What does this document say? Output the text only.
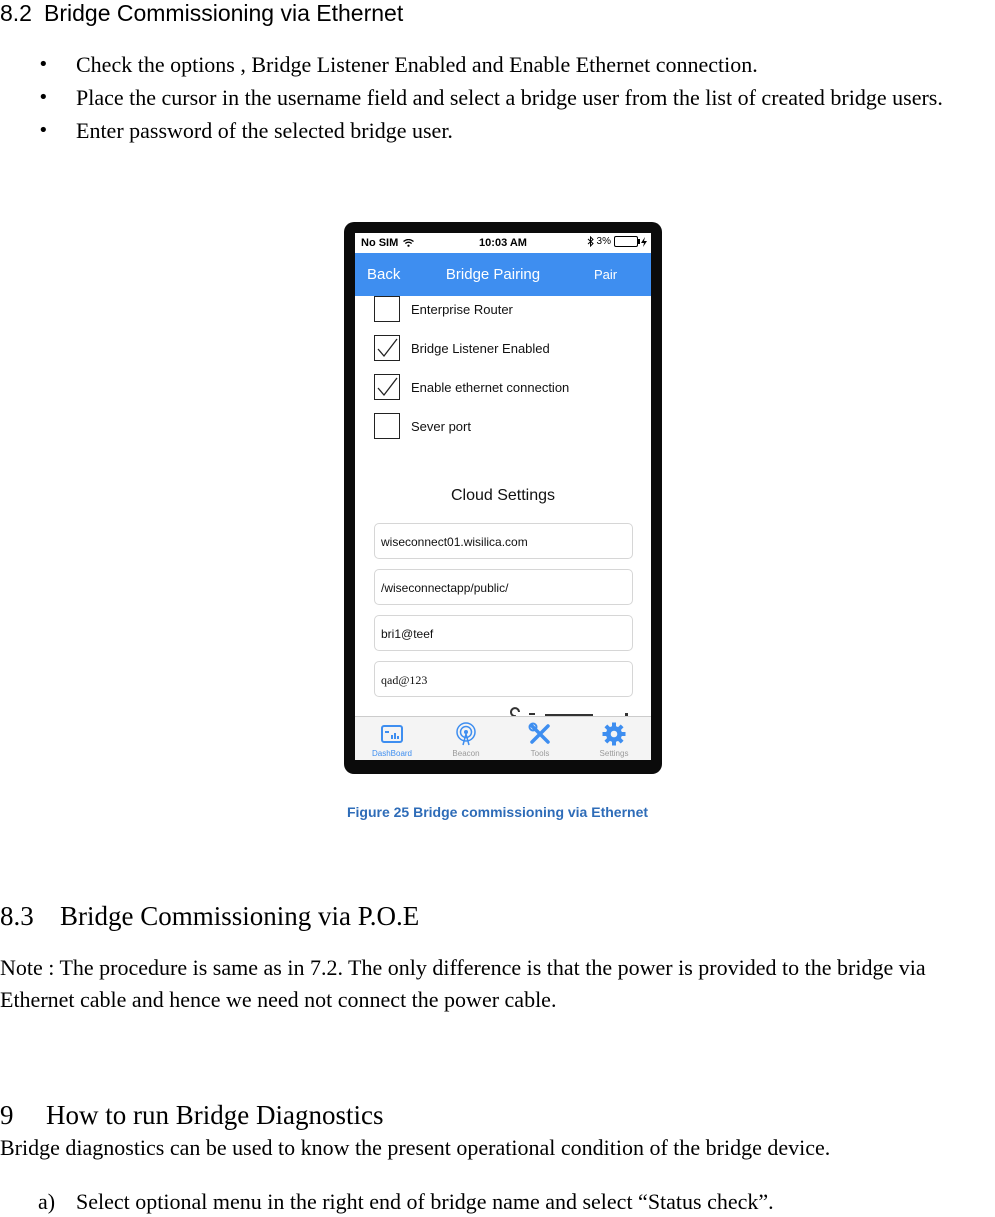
8.2 Bridge Commissioning via Ethernet
• Check the options , Bridge Listener Enabled and Enable Ethernet connection.
• Place the cursor in the username field and select a bridge user from the list of created bridge users.
• Enter password of the selected bridge user.
No SIM	10:03 AM	3%
Back	Bridge Pairing	Pair
Enterprise Router
Bridge Listener Enabled
Enable ethernet connection
Sever port
Cloud Settings
wiseconnect01.wisilica.com
/wiseconnectapp/public/
bri1@teef
qad@123
DashBoard	Beacon	Tools	Settings
Figure 25 Bridge commissioning via Ethernet
8.3 Bridge Commissioning via P.O.E
Note : The procedure is same as in 7.2. The only difference is that the power is provided to the bridge via Ethernet cable and hence we need not connect the power cable.
9 How to run Bridge Diagnostics
Bridge diagnostics can be used to know the present operational condition of the bridge device.
a) Select optional menu in the right end of bridge name and select “Status check”.
